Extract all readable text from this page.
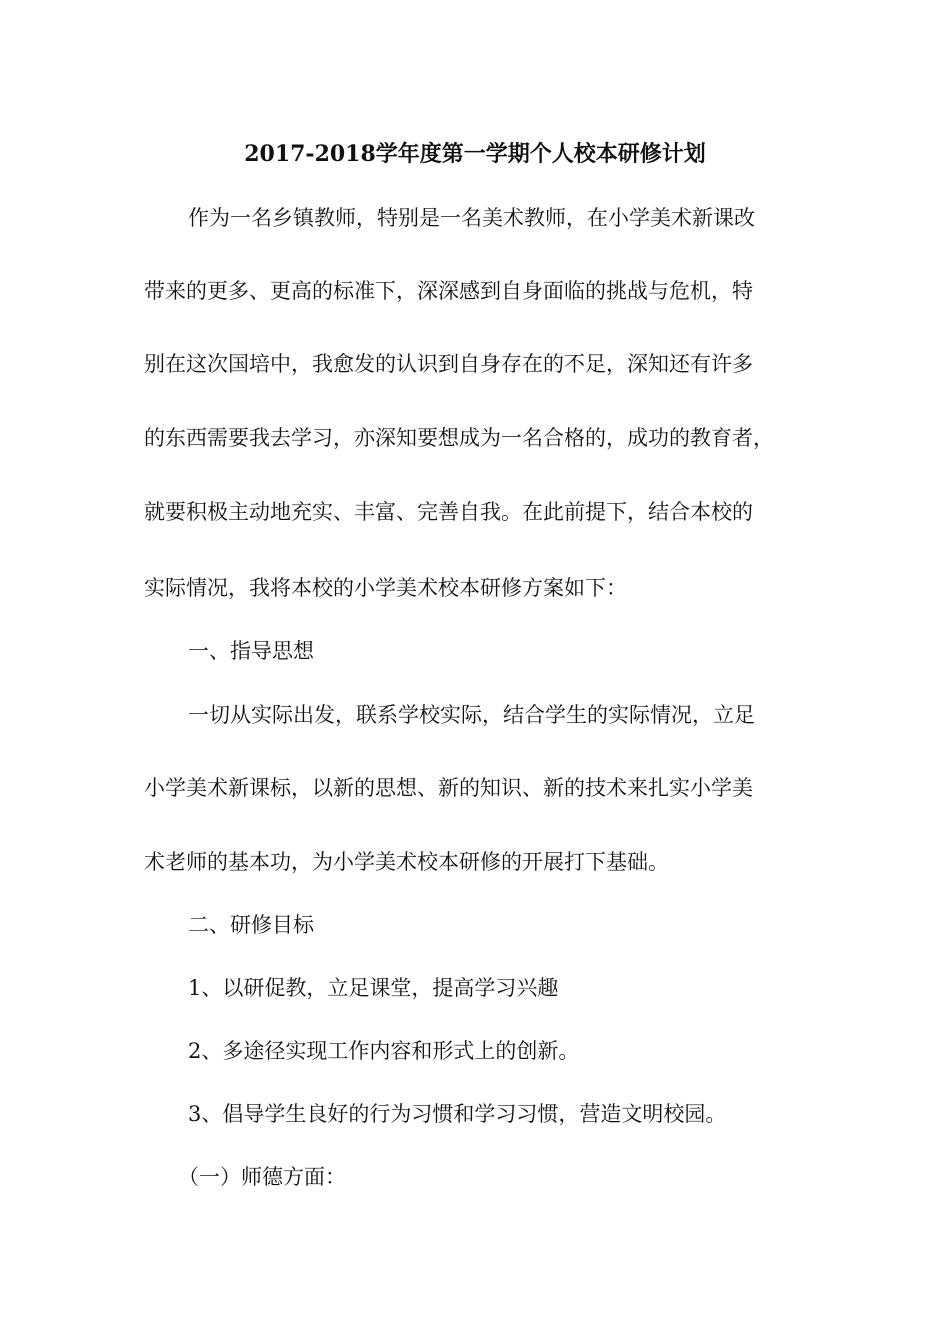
2017-2018学年度第一学期个人校本研修计划
作为一名乡镇教师，特别是一名美术教师，在小学美术新课改
带来的更多、更高的标准下，深深感到自身面临的挑战与危机，特
别在这次国培中，我愈发的认识到自身存在的不足，深知还有许多
的东西需要我去学习，亦深知要想成为一名合格的，成功的教育者，
就要积极主动地充实、丰富、完善自我。在此前提下，结合本校的
实际情况，我将本校的小学美术校本研修方案如下：
一、指导思想
一切从实际出发，联系学校实际，结合学生的实际情况，立足
小学美术新课标，以新的思想、新的知识、新的技术来扎实小学美
术老师的基本功，为小学美术校本研修的开展打下基础。
二、研修目标
1、以研促教，立足课堂，提高学习兴趣
2、多途径实现工作内容和形式上的创新。
3、倡导学生良好的行为习惯和学习习惯，营造文明校园。
（一）师德方面：
